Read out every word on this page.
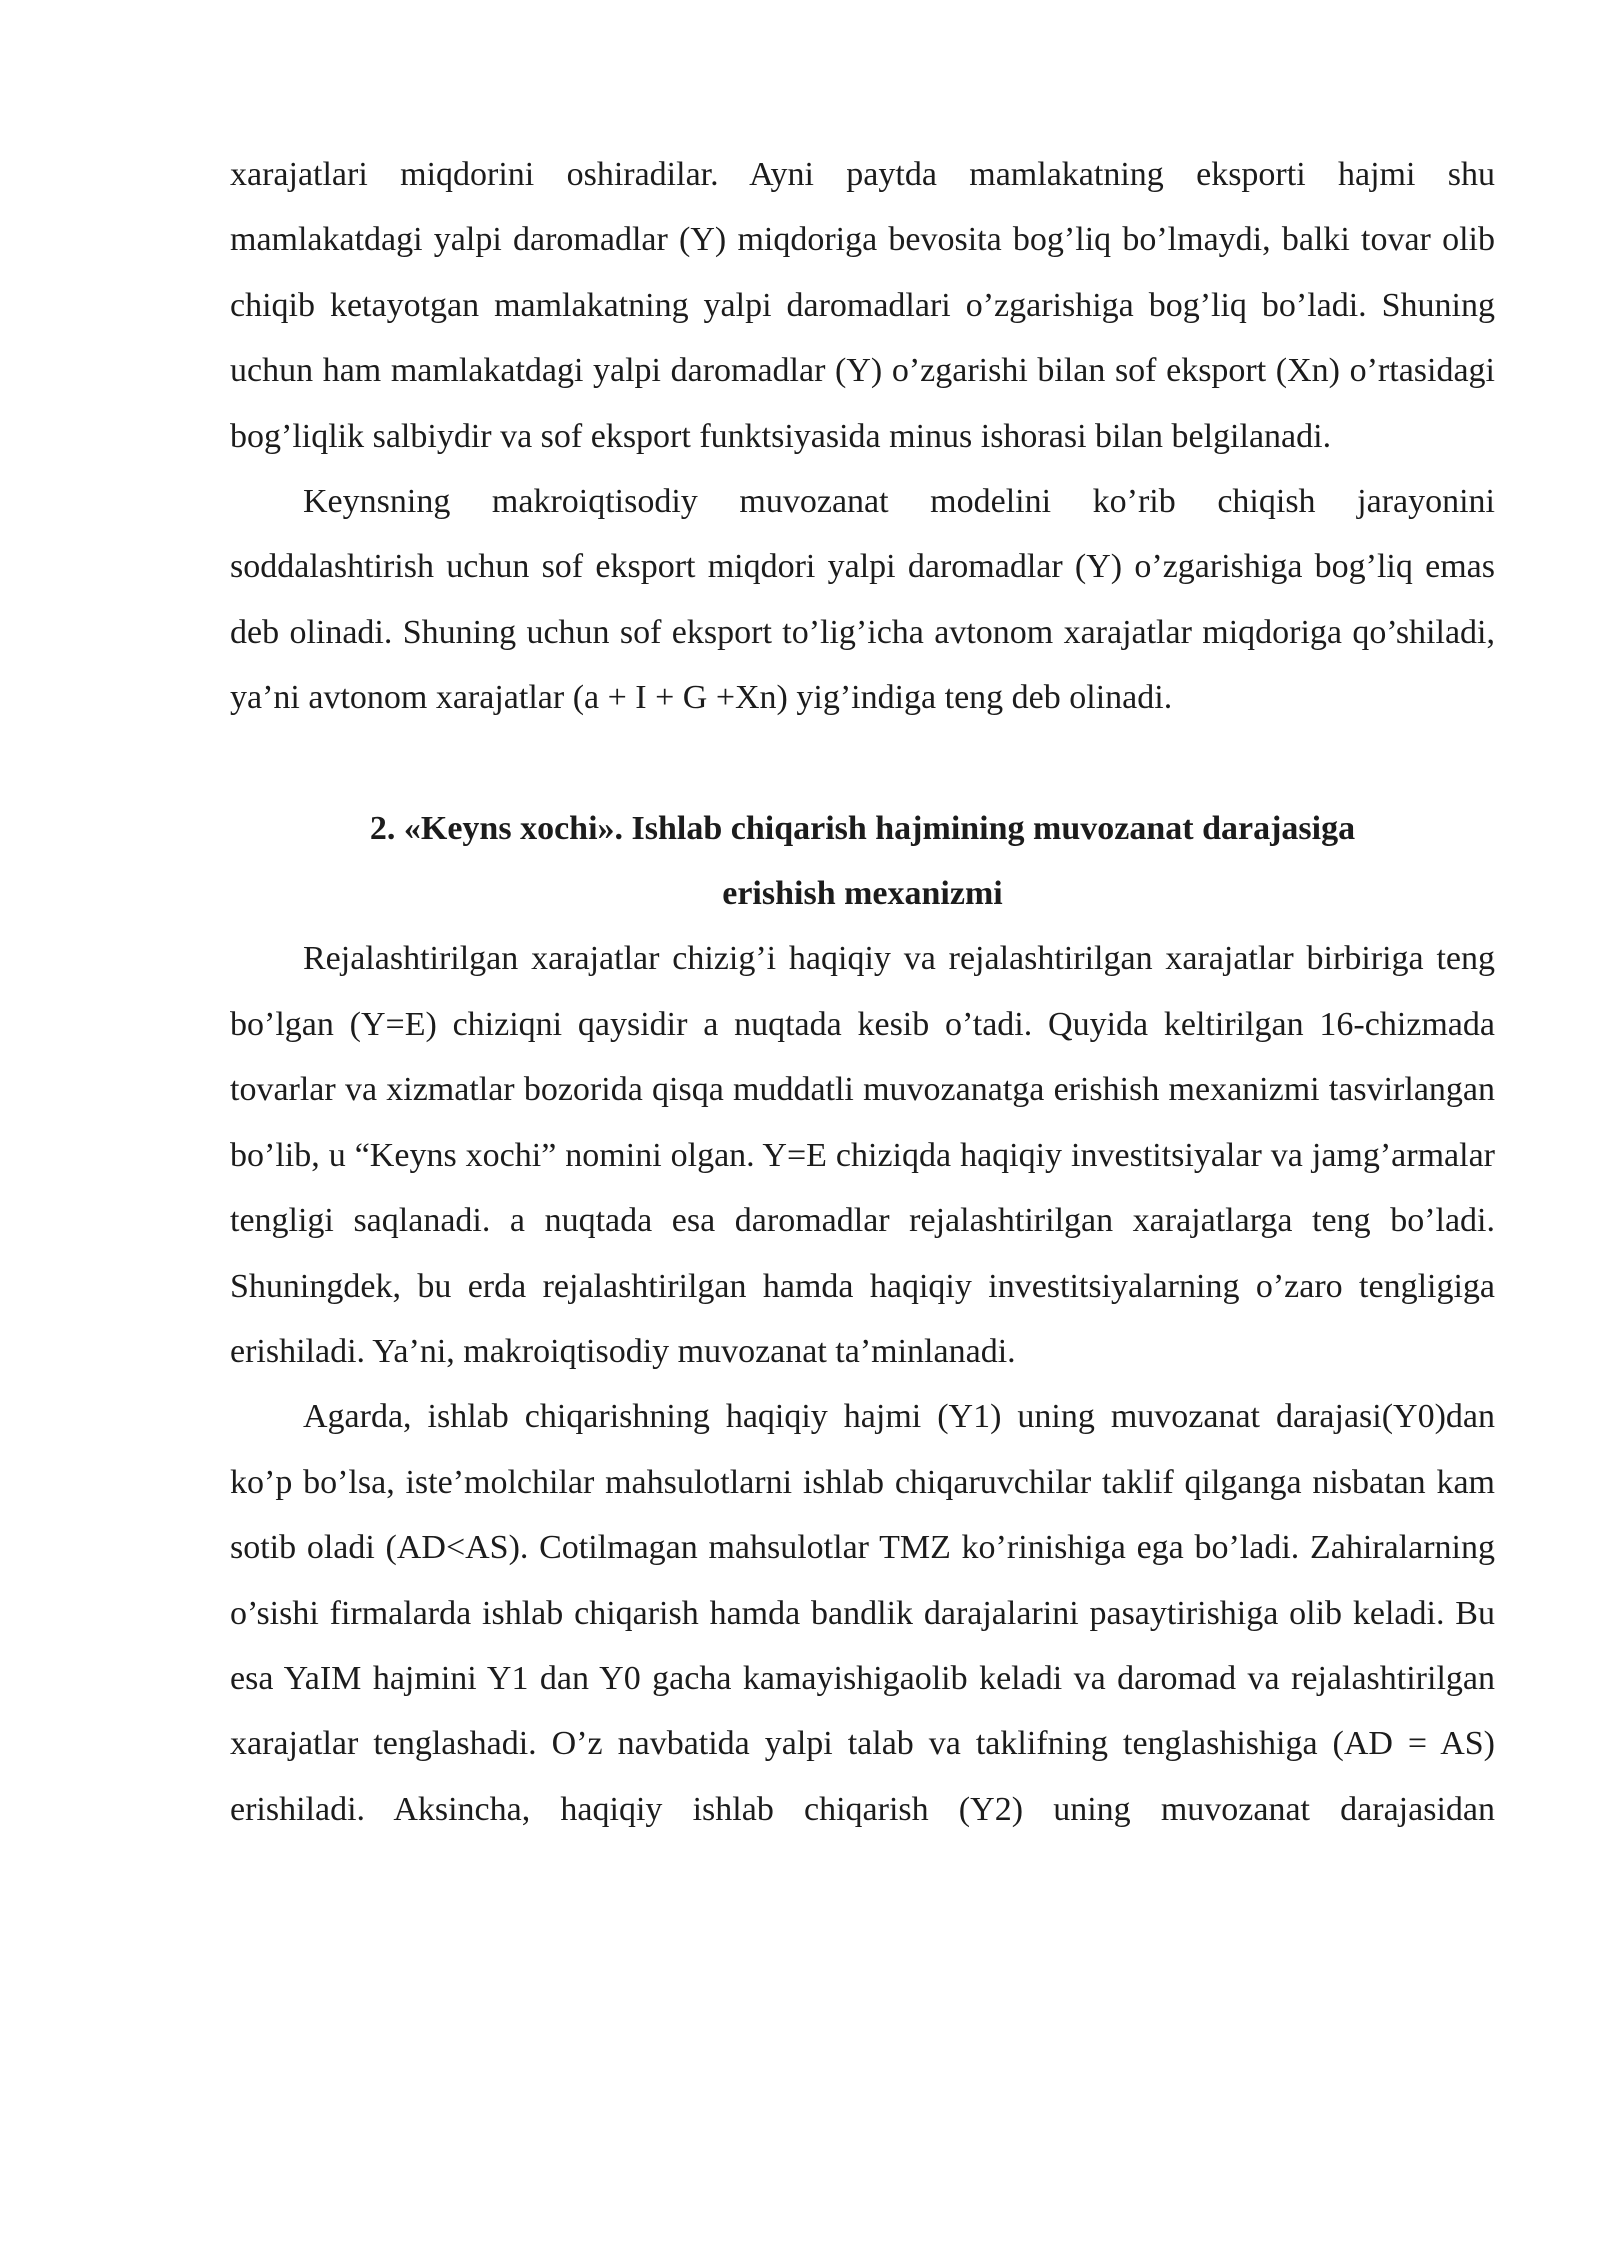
xarajatlari miqdorini oshiradilar. Ayni paytda mamlakatning eksporti hajmi shu mamlakatdagi yalpi daromadlar (Y) miqdoriga bevosita bog’liq bo’lmaydi, balki tovar olib chiqib ketayotgan mamlakatning yalpi daromadlari o’zgarishiga bog’liq bo’ladi. Shuning uchun ham mamlakatdagi yalpi daromadlar (Y) o’zgarishi bilan sof eksport (Xn) o’rtasidagi bog’liqlik salbiydir va sof eksport funktsiyasida minus ishorasi bilan belgilanadi.

Keynsning makroiqtisodiy muvozanat modelini ko’rib chiqish jarayonini soddalashtirish uchun sof eksport miqdori yalpi daromadlar (Y) o’zgarishiga bog’liq emas deb olinadi. Shuning uchun sof eksport to’lig’icha avtonom xarajatlar miqdoriga qo’shiladi, ya’ni avtonom xarajatlar (a + I + G +Xn) yig’indiga teng deb olinadi.

2. «Keyns xochi». Ishlab chiqarish hajmining muvozanat darajasiga

erishish mexanizmi

Rejalashtirilgan xarajatlar chizig’i haqiqiy va rejalashtirilgan xarajatlar birbiriga teng bo’lgan (Y=E) chiziqni qaysidir a nuqtada kesib o’tadi. Quyida keltirilgan 16-chizmada tovarlar va xizmatlar bozorida qisqa muddatli muvozanatga erishish mexanizmi tasvirlangan bo’lib, u “Keyns xochi” nomini olgan. Y=E chiziqda haqiqiy investitsiyalar va jamg’armalar tengligi saqlanadi. a nuqtada esa daromadlar rejalashtirilgan xarajatlarga teng bo’ladi. Shuningdek, bu erda rejalashtirilgan hamda haqiqiy investitsiyalarning o’zaro tengligiga erishiladi. Ya’ni, makroiqtisodiy muvozanat ta’minlanadi.

Agarda, ishlab chiqarishning haqiqiy hajmi (Y1) uning muvozanat darajasi(Y0)dan ko’p bo’lsa, iste’molchilar mahsulotlarni ishlab chiqaruvchilar taklif qilganga nisbatan kam sotib oladi (AD<AS). Cotilmagan mahsulotlar TMZ ko’rinishiga ega bo’ladi. Zahiralarning o’sishi firmalarda ishlab chiqarish hamda bandlik darajalarini pasaytirishiga olib keladi. Bu esa YaIM hajmini Y1 dan Y0 gacha kamayishigaolib keladi va daromad va rejalashtirilgan xarajatlar tenglashadi. O’z navbatida yalpi talab va taklifning tenglashishiga (AD = AS) erishiladi. Aksincha, haqiqiy ishlab chiqarish (Y2) uning muvozanat darajasidan
